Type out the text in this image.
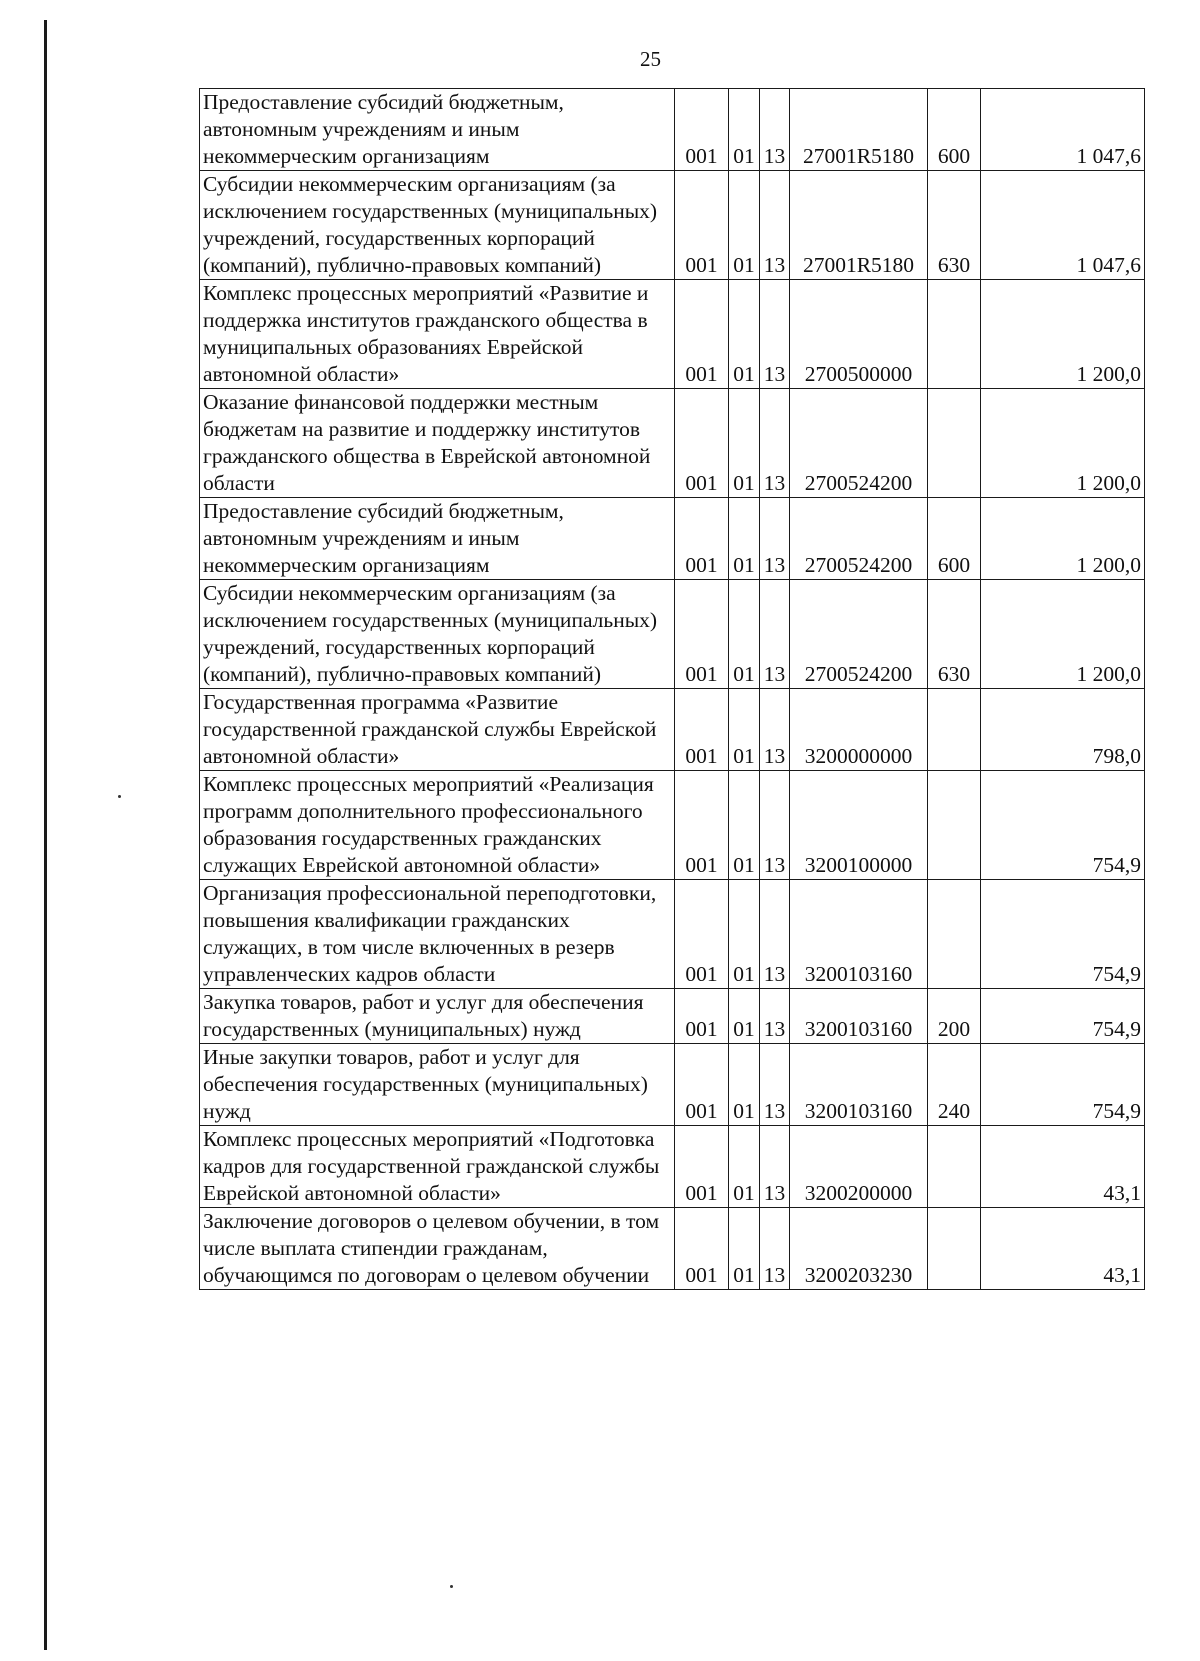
25
Предоставление субсидий бюджетным, автономным учреждениям и иным некоммерческим организациям	001	01	13	27001R5180	600	1 047,6
Субсидии некоммерческим организациям (за исключением государственных (муниципальных) учреждений, государственных корпораций (компаний), публично-правовых компаний)	001	01	13	27001R5180	630	1 047,6
Комплекс процессных мероприятий «Развитие и поддержка институтов гражданского общества в муниципальных образованиях Еврейской автономной области»	001	01	13	2700500000		1 200,0
Оказание финансовой поддержки местным бюджетам на развитие и поддержку институтов гражданского общества в Еврейской автономной области	001	01	13	2700524200		1 200,0
Предоставление субсидий бюджетным, автономным учреждениям и иным некоммерческим организациям	001	01	13	2700524200	600	1 200,0
Субсидии некоммерческим организациям (за исключением государственных (муниципальных) учреждений, государственных корпораций (компаний), публично-правовых компаний)	001	01	13	2700524200	630	1 200,0
Государственная программа «Развитие государственной гражданской службы Еврейской автономной области»	001	01	13	3200000000		798,0
Комплекс процессных мероприятий «Реализация программ дополнительного профессионального образования государственных гражданских служащих Еврейской автономной области»	001	01	13	3200100000		754,9
Организация профессиональной переподготовки, повышения квалификации гражданских служащих, в том числе включенных в резерв управленческих кадров области	001	01	13	3200103160		754,9
Закупка товаров, работ и услуг для обеспечения государственных (муниципальных) нужд	001	01	13	3200103160	200	754,9
Иные закупки товаров, работ и услуг для обеспечения государственных (муниципальных) нужд	001	01	13	3200103160	240	754,9
Комплекс процессных мероприятий «Подготовка кадров для государственной гражданской службы Еврейской автономной области»	001	01	13	3200200000		43,1
Заключение договоров о целевом обучении, в том числе выплата стипендии гражданам, обучающимся по договорам о целевом обучении	001	01	13	3200203230		43,1
